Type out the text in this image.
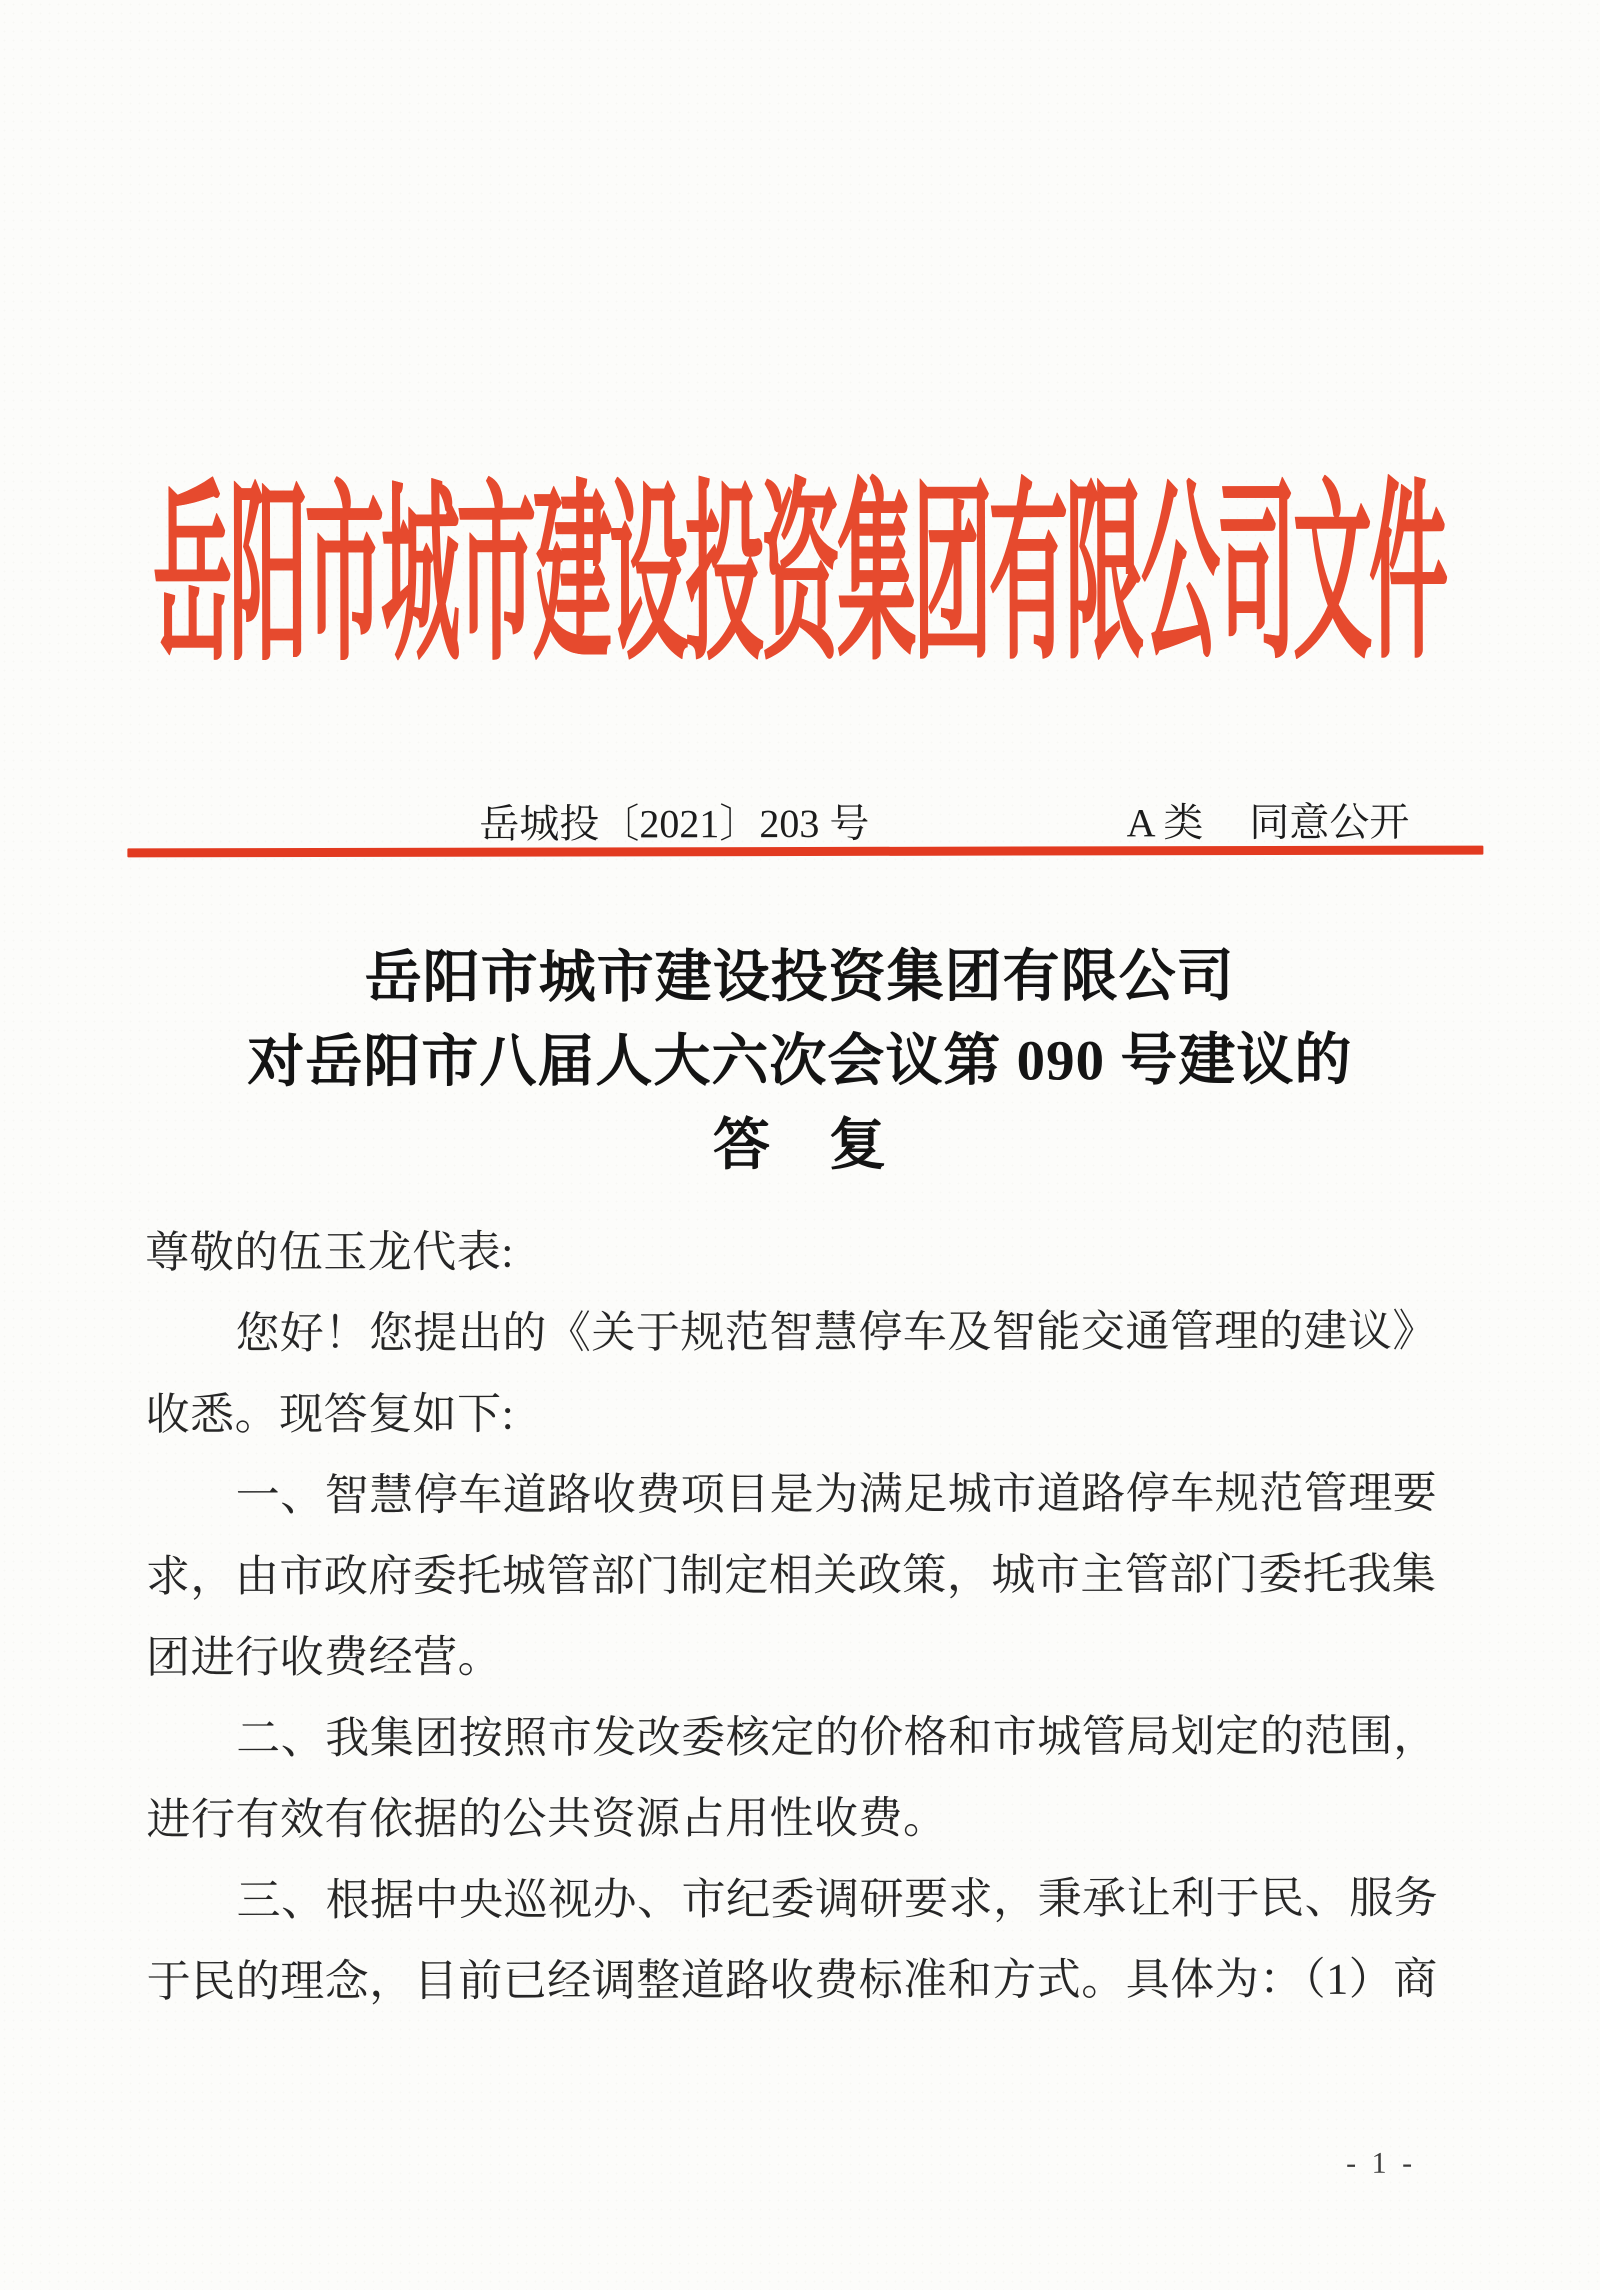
岳阳市城市建设投资集团有限公司文件
岳城投〔2021〕203 号	A 类 同意公开
岳阳市城市建设投资集团有限公司
对岳阳市八届人大六次会议第 090 号建议的
答　复
尊敬的伍玉龙代表:
您好！您提出的《关于规范智慧停车及智能交通管理的建议》
收悉。现答复如下:
一、智慧停车道路收费项目是为满足城市道路停车规范管理要
求，由市政府委托城管部门制定相关政策，城市主管部门委托我集
团进行收费经营。
二、我集团按照市发改委核定的价格和市城管局划定的范围，
进行有效有依据的公共资源占用性收费。
三、根据中央巡视办、市纪委调研要求，秉承让利于民、服务
于民的理念，目前已经调整道路收费标准和方式。具体为：（1）商
- 1 -
